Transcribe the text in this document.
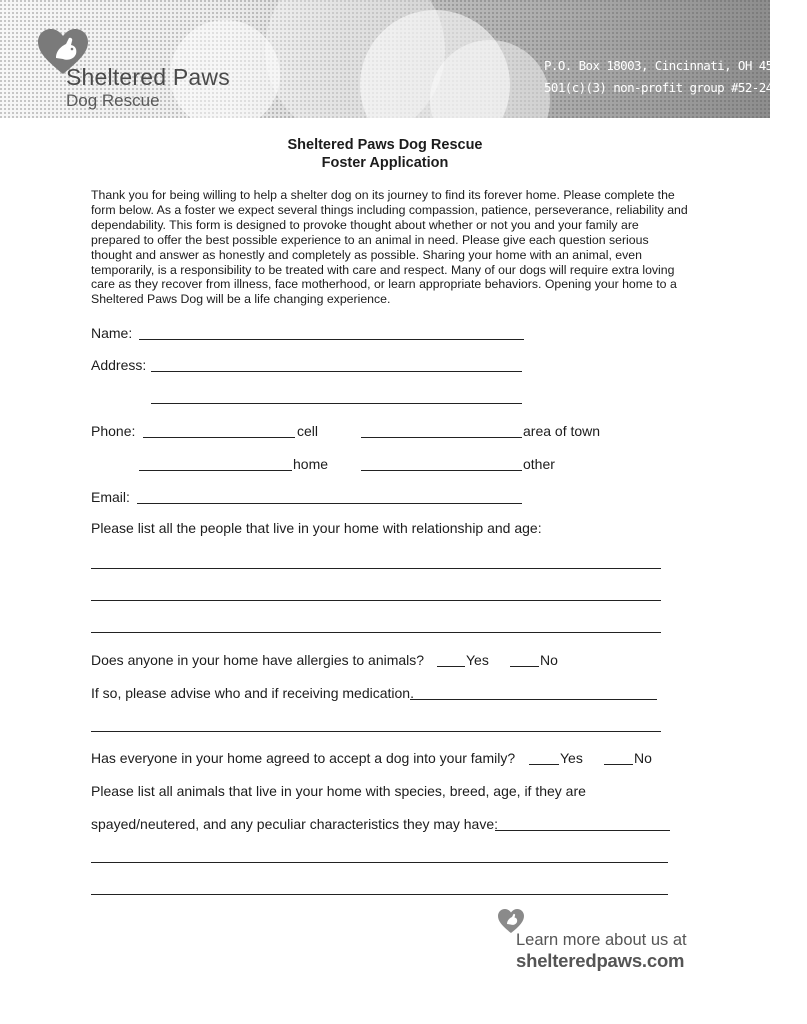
Sheltered Paws
Dog Rescue
P.O. Box 18003, Cincinnati, OH 45218
501(c)(3) non-profit group #52-2413013
Sheltered Paws Dog Rescue
Foster Application

Thank you for being willing to help a shelter dog on its journey to find its forever home. Please complete the form below. As a foster we expect several things including compassion, patience, perseverance, reliability and dependability. This form is designed to provoke thought about whether or not you and your family are prepared to offer the best possible experience to an animal in need. Please give each question serious thought and answer as honestly and completely as possible. Sharing your home with an animal, even temporarily, is a responsibility to be treated with care and respect. Many of our dogs will require extra loving care as they recover from illness, face motherhood, or learn appropriate behaviors. Opening your home to a Sheltered Paws Dog will be a life changing experience.

Name:
Address:
Phone:	cell	area of town
home	other
Email:
Please list all the people that live in your home with relationship and age:
Does anyone in your home have allergies to animals?	Yes	No
If so, please advise who and if receiving medication.
Has everyone in your home agreed to accept a dog into your family?	Yes	No
Please list all animals that live in your home with species, breed, age, if they are
spayed/neutered, and any peculiar characteristics they may have:
Learn more about us at
shelteredpaws.com
